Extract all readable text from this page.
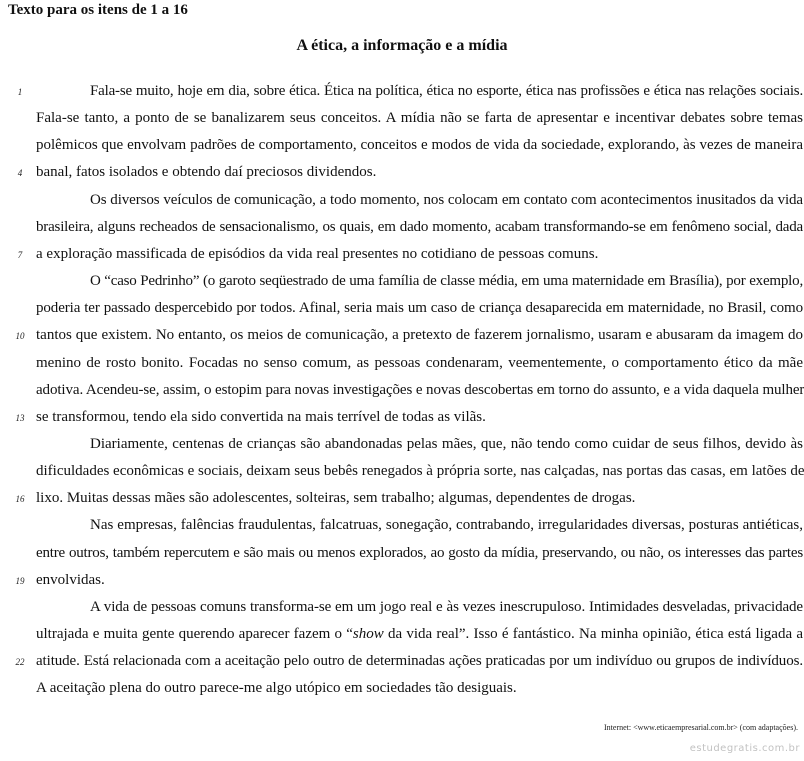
Texto para os itens de 1 a 16
A ética, a informação e a mídia
Fala-se muito, hoje em dia, sobre ética. Ética na política, ética no esporte, ética nas profissões e ética nas relações sociais.
Fala-se tanto, a ponto de se banalizarem seus conceitos. A mídia não se farta de apresentar e incentivar debates sobre temas
polêmicos que envolvam padrões de comportamento, conceitos e modos de vida da sociedade, explorando, às vezes de maneira
banal, fatos isolados e obtendo daí preciosos dividendos.
Os diversos veículos de comunicação, a todo momento, nos colocam em contato com acontecimentos inusitados da vida
brasileira, alguns recheados de sensacionalismo, os quais, em dado momento, acabam transformando-se em fenômeno social, dada
a exploração massificada de episódios da vida real presentes no cotidiano de pessoas comuns.
O “caso Pedrinho” (o garoto seqüestrado de uma família de classe média, em uma maternidade em Brasília), por exemplo,
poderia ter passado despercebido por todos. Afinal, seria mais um caso de criança desaparecida em maternidade, no Brasil, como
tantos que existem. No entanto, os meios de comunicação, a pretexto de fazerem jornalismo, usaram e abusaram da imagem do
menino de rosto bonito. Focadas no senso comum, as pessoas condenaram, veementemente, o comportamento ético da mãe
adotiva. Acendeu-se, assim, o estopim para novas investigações e novas descobertas em torno do assunto, e a vida daquela mulher
se transformou, tendo ela sido convertida na mais terrível de todas as vilãs.
Diariamente, centenas de crianças são abandonadas pelas mães, que, não tendo como cuidar de seus filhos, devido às
dificuldades econômicas e sociais, deixam seus bebês renegados à própria sorte, nas calçadas, nas portas das casas, em latões de
lixo. Muitas dessas mães são adolescentes, solteiras, sem trabalho; algumas, dependentes de drogas.
Nas empresas, falências fraudulentas, falcatruas, sonegação, contrabando, irregularidades diversas, posturas antiéticas,
entre outros, também repercutem e são mais ou menos explorados, ao gosto da mídia, preservando, ou não, os interesses das partes
envolvidas.
A vida de pessoas comuns transforma-se em um jogo real e às vezes inescrupuloso. Intimidades desveladas, privacidade
ultrajada e muita gente querendo aparecer fazem o “show da vida real”. Isso é fantástico. Na minha opinião, ética está ligada a
atitude. Está relacionada com a aceitação pelo outro de determinadas ações praticadas por um indivíduo ou grupos de indivíduos.
A aceitação plena do outro parece-me algo utópico em sociedades tão desiguais.
1
4
7
10
13
16
19
22
Internet: <www.eticaempresarial.com.br> (com adaptações).
estudegratis.com.br
